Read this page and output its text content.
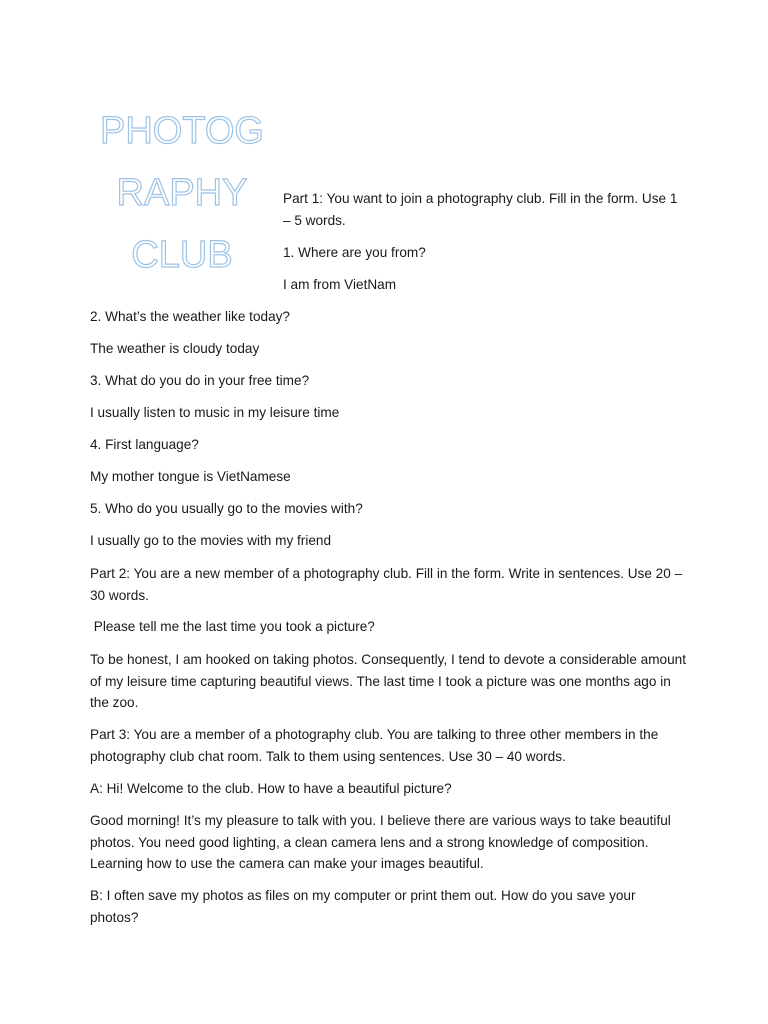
PHOTOG
RAPHY
CLUB

Part 1: You want to join a photography club. Fill in the form. Use 1 – 5 words.

1. Where are you from?

I am from VietNam

2. What’s the weather like today?

The weather is cloudy today

3. What do you do in your free time?

I usually listen to music in my leisure time

4. First language?

My mother tongue is VietNamese

5. Who do you usually go to the movies with?

I usually go to the movies with my friend

Part 2: You are a new member of a photography club. Fill in the form. Write in sentences. Use 20 – 30 words.

Please tell me the last time you took a picture?

To be honest, I am hooked on taking photos. Consequently, I tend to devote a considerable amount of my leisure time capturing beautiful views. The last time I took a picture was one months ago in the zoo.

Part 3: You are a member of a photography club. You are talking to three other members in the photography club chat room. Talk to them using sentences. Use 30 – 40 words.

A: Hi! Welcome to the club. How to have a beautiful picture?

Good morning! It’s my pleasure to talk with you. I believe there are various ways to take beautiful photos. You need good lighting, a clean camera lens and a strong knowledge of composition. Learning how to use the camera can make your images beautiful.

B: I often save my photos as files on my computer or print them out. How do you save your photos?
